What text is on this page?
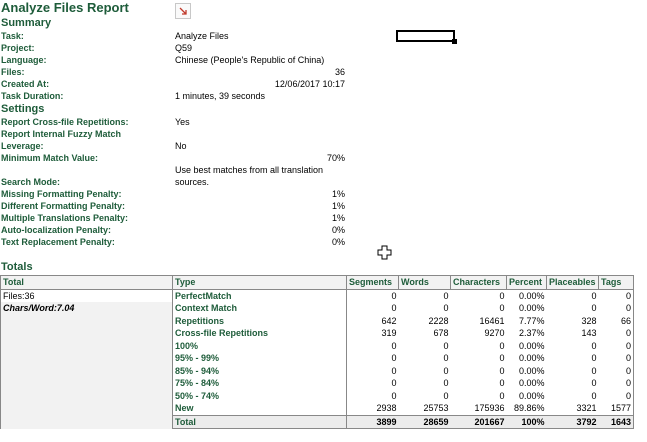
Analyze Files Report
Summary
Task:	Analyze Files
Project:	Q59
Language:	Chinese (People's Republic of China)
Files:	36
Created At:	12/06/2017 10:17
Task Duration:	1 minutes, 39 seconds
Settings
Report Cross-file Repetitions:	Yes
Report Internal Fuzzy Match
Leverage:	No
Minimum Match Value:	70%
Use best matches from all translation
sources.
Search Mode:
Missing Formatting Penalty:	1%
Different Formatting Penalty:	1%
Multiple Translations Penalty:	1%
Auto-localization Penalty:	0%
Text Replacement Penalty:	0%
Totals
Total	Type	Segments	Words	Characters	Percent	Placeables	Tags
Files:36	PerfectMatch	0	0	0	0.00%	0	0
Chars/Word:7.04	Context Match	0	0	0	0.00%	0	0
	Repetitions	642	2228	16461	7.77%	328	66
	Cross-file Repetitions	319	678	9270	2.37%	143	0
	100%	0	0	0	0.00%	0	0
	95% - 99%	0	0	0	0.00%	0	0
	85% - 94%	0	0	0	0.00%	0	0
	75% - 84%	0	0	0	0.00%	0	0
	50% - 74%	0	0	0	0.00%	0	0
	New	2938	25753	175936	89.86%	3321	1577
	Total	3899	28659	201667	100%	3792	1643
